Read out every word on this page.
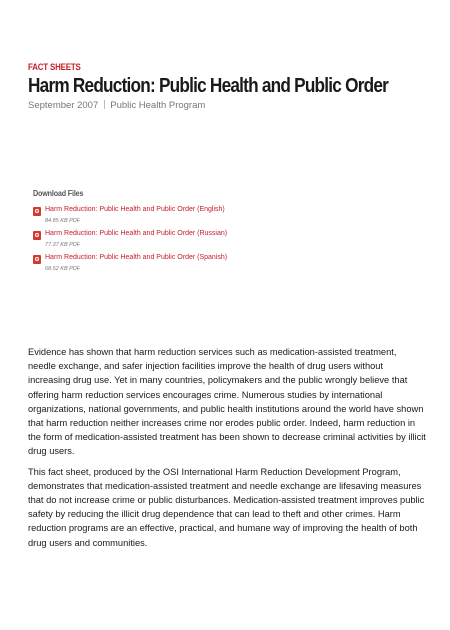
FACT SHEETS
Harm Reduction: Public Health and Public Order
September 2007 Public Health Program
Download Files
Harm Reduction: Public Health and Public Order (English)
84.85 KB PDF
Harm Reduction: Public Health and Public Order (Russian)
77.37 KB PDF
Harm Reduction: Public Health and Public Order (Spanish)
68.52 KB PDF

Evidence has shown that harm reduction services such as medication-assisted treatment, needle exchange, and safer injection facilities improve the health of drug users without increasing drug use. Yet in many countries, policymakers and the public wrongly believe that offering harm reduction services encourages crime. Numerous studies by international organizations, national governments, and public health institutions around the world have shown that harm reduction neither increases crime nor erodes public order. Indeed, harm reduction in the form of medication-assisted treatment has been shown to decrease criminal activities by illicit drug users.

This fact sheet, produced by the OSI International Harm Reduction Development Program, demonstrates that medication-assisted treatment and needle exchange are lifesaving measures that do not increase crime or public disturbances. Medication-assisted treatment improves public safety by reducing the illicit drug dependence that can lead to theft and other crimes. Harm reduction programs are an effective, practical, and humane way of improving the health of both drug users and communities.
